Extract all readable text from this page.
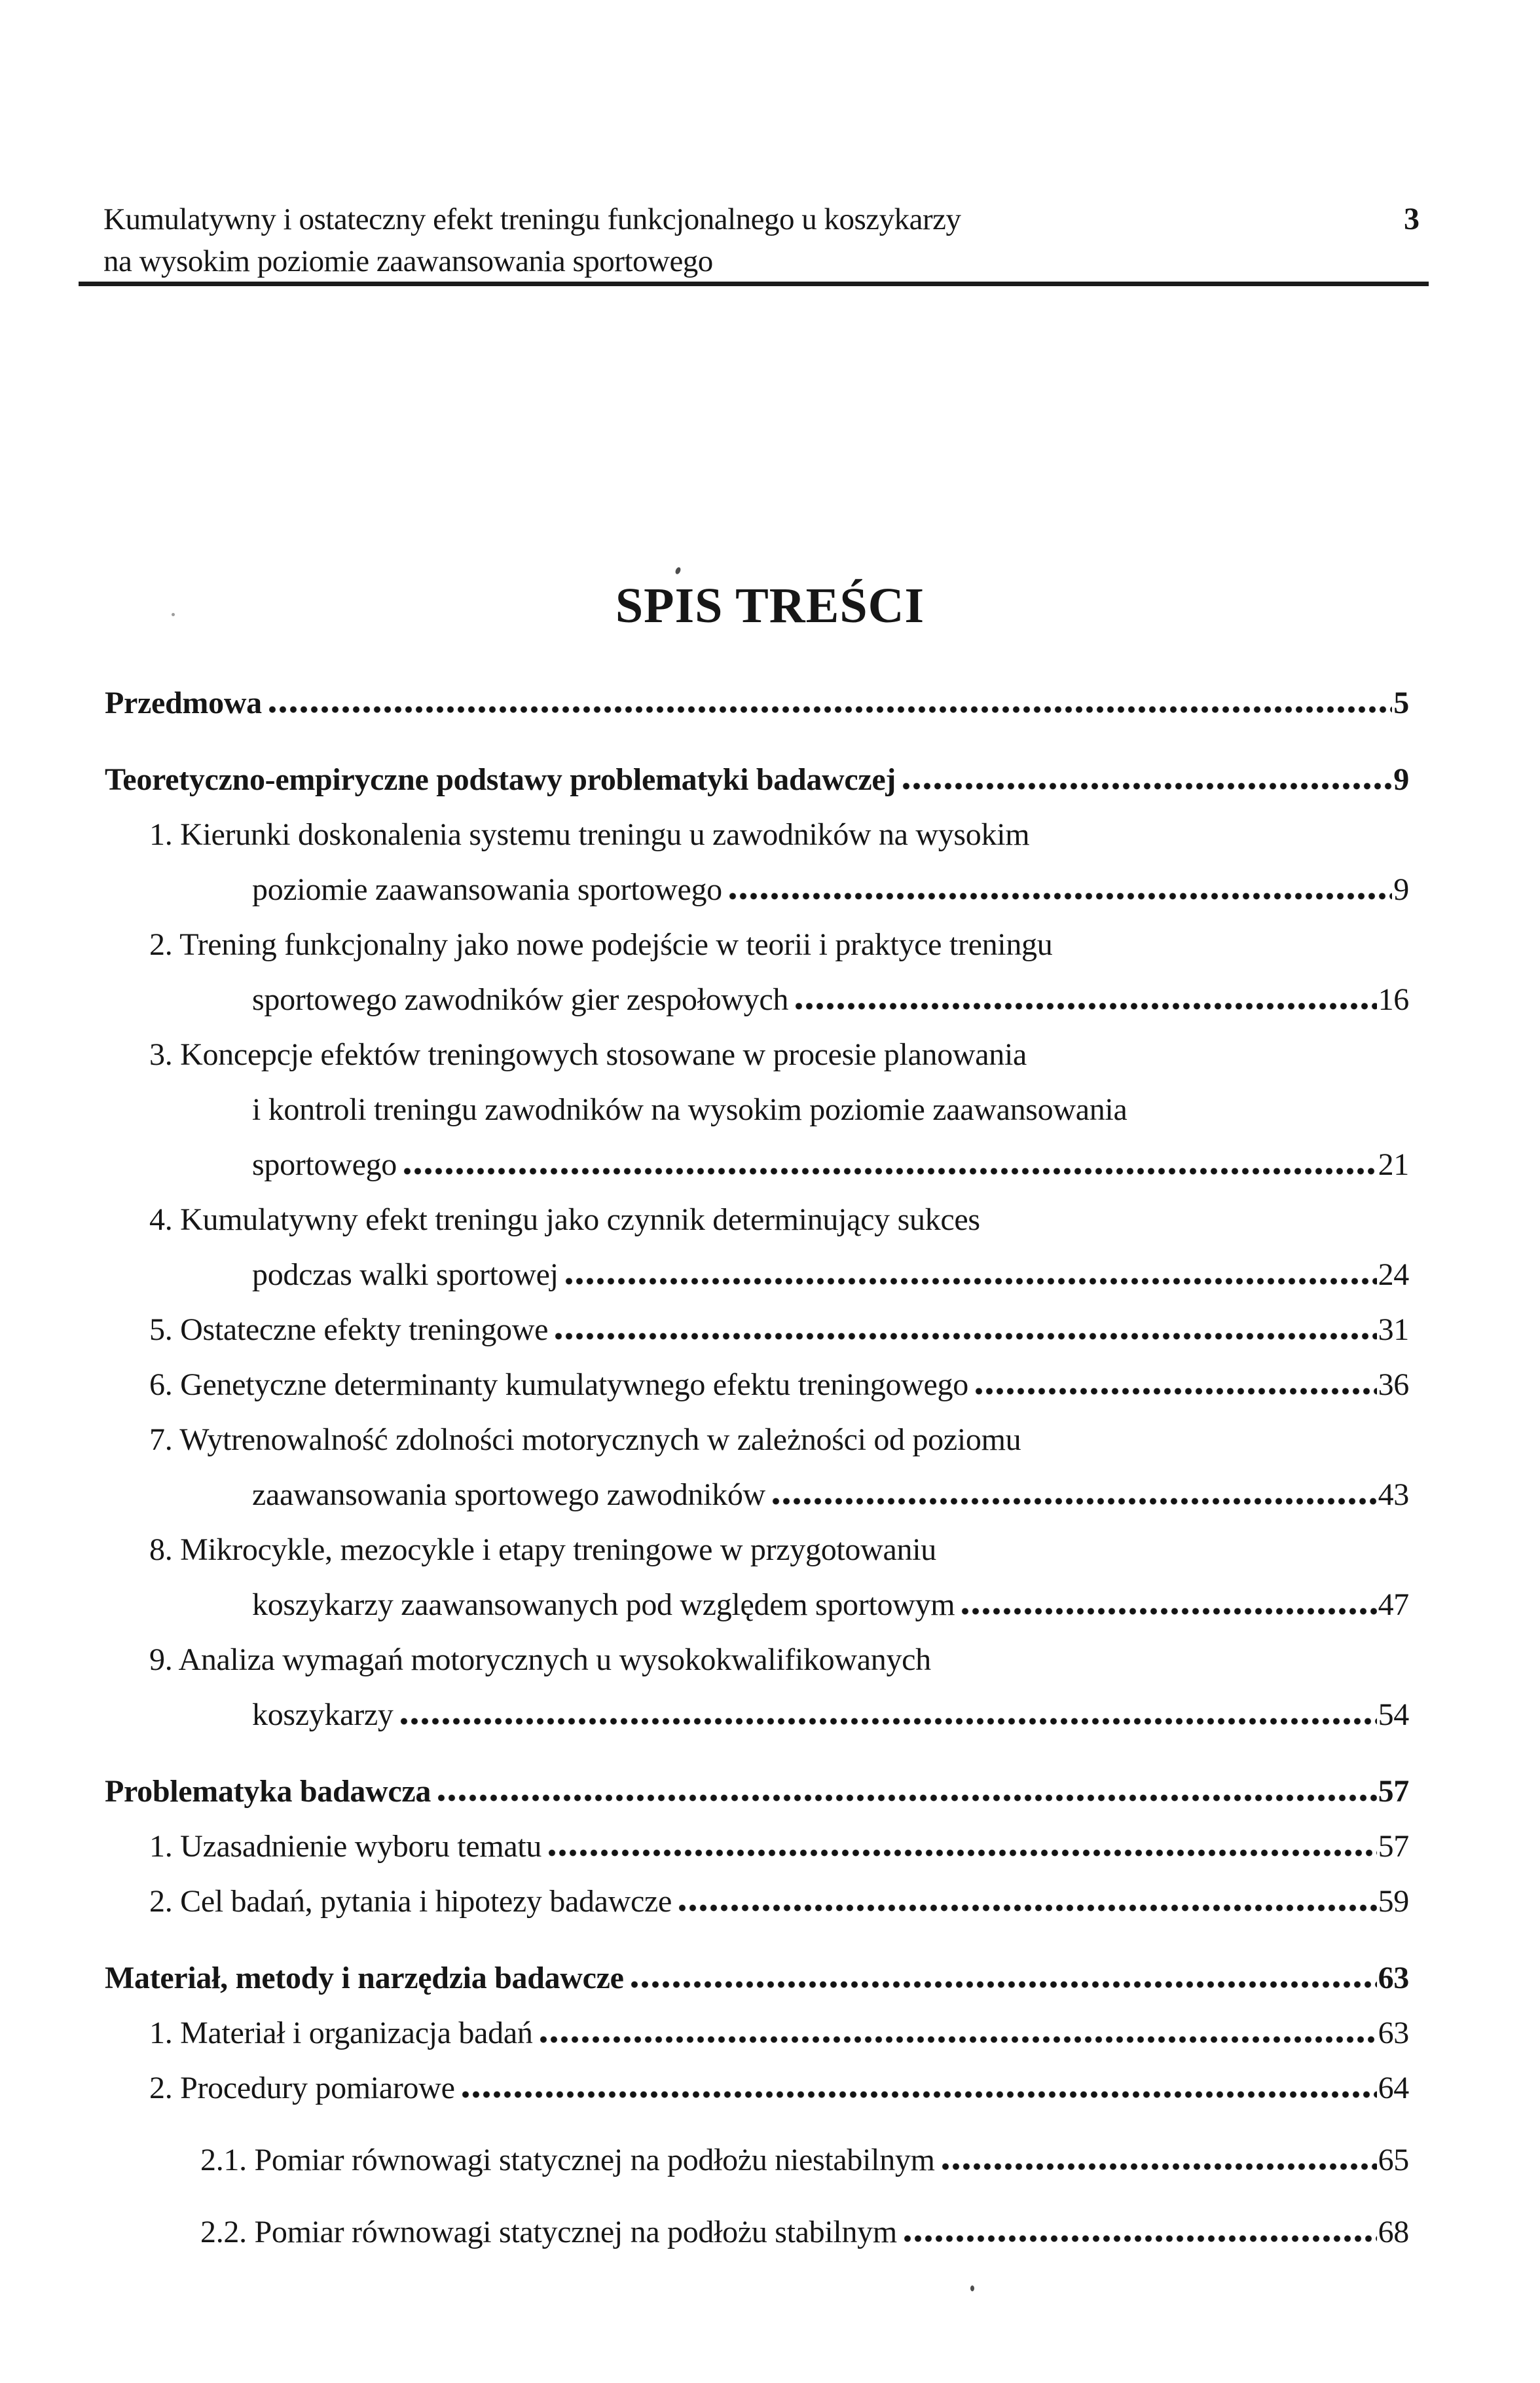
Kumulatywny i ostateczny efekt treningu funkcjonalnego u koszykarzy
na wysokim poziomie zaawansowania sportowego
3
SPIS TREŚCI
Przedmowa	5
Teoretyczno-empiryczne podstawy problematyki badawczej	9
1. Kierunki doskonalenia systemu treningu u zawodników na wysokim
poziomie zaawansowania sportowego	9
2. Trening funkcjonalny jako nowe podejście w teorii i praktyce treningu
sportowego zawodników gier zespołowych	16
3. Koncepcje efektów treningowych stosowane w procesie planowania
i kontroli treningu zawodników na wysokim poziomie zaawansowania
sportowego	21
4. Kumulatywny efekt treningu jako czynnik determinujący sukces
podczas walki sportowej	24
5. Ostateczne efekty treningowe	31
6. Genetyczne determinanty kumulatywnego efektu treningowego	36
7. Wytrenowalność zdolności motorycznych w zależności od poziomu
zaawansowania sportowego zawodników	43
8. Mikrocykle, mezocykle i etapy treningowe w przygotowaniu
koszykarzy zaawansowanych pod względem sportowym	47
9. Analiza wymagań motorycznych u wysokokwalifikowanych
koszykarzy	54
Problematyka badawcza	57
1. Uzasadnienie wyboru tematu	57
2. Cel badań, pytania i hipotezy badawcze	59
Materiał, metody i narzędzia badawcze	63
1. Materiał i organizacja badań	63
2. Procedury pomiarowe	64
2.1. Pomiar równowagi statycznej na podłożu niestabilnym	65
2.2. Pomiar równowagi statycznej na podłożu stabilnym	68
